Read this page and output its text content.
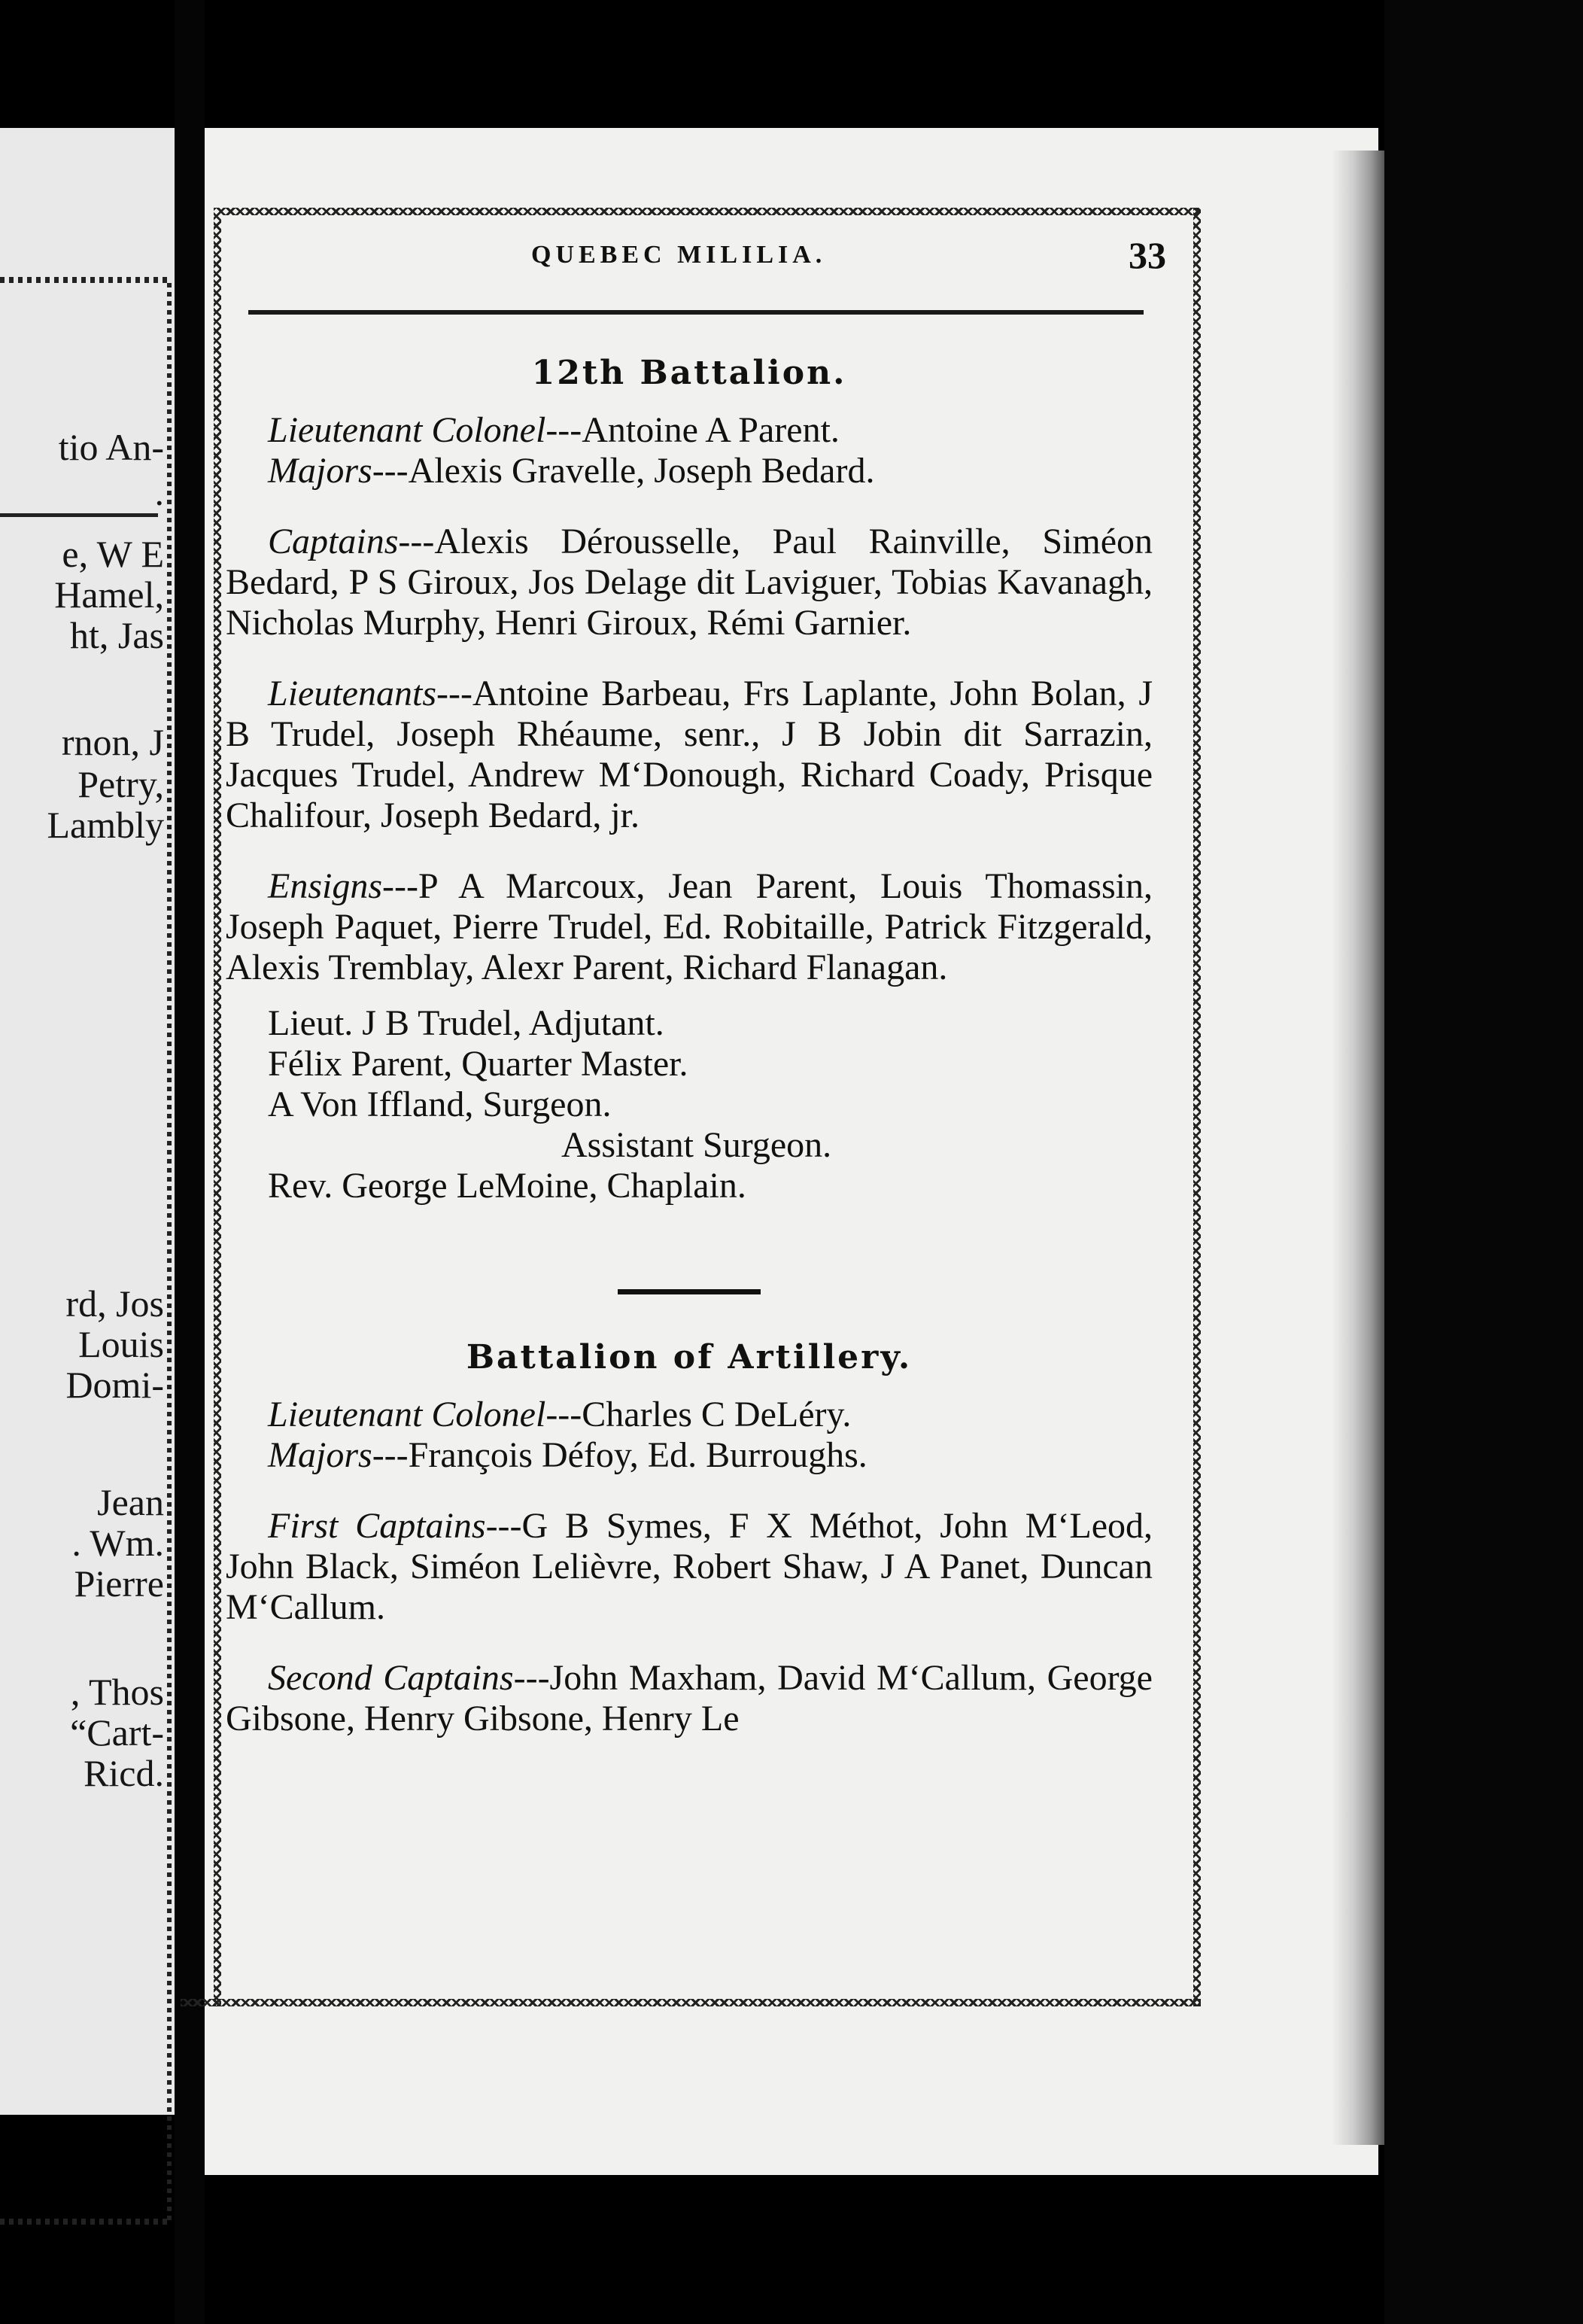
tio An-
.
e, W E
Hamel,
ht, Jas
rnon, J
Petry,
Lambly
rd, Jos
Louis
Domi-
Jean
. Wm.
Pierre
, Thos
“Cart-
Ricd.
QUEBEC MILILIA.	33
12th Battalion.

Lieutenant Colonel---Antoine A Parent.

Majors---Alexis Gravelle, Joseph Bedard.

Captains---Alexis Dérousselle, Paul Rainville, Siméon Bedard, P S Giroux, Jos Delage dit Laviguer, Tobias Kavanagh, Nicholas Murphy, Henri Giroux, Rémi Garnier.

Lieutenants---Antoine Barbeau, Frs Laplante, John Bolan, J B Trudel, Joseph Rhéaume, senr., J B Jobin dit Sarrazin, Jacques Trudel, Andrew M‘Donough, Richard Coady, Prisque Chalifour, Joseph Bedard, jr.

Ensigns---P A Marcoux, Jean Parent, Louis Thomassin, Joseph Paquet, Pierre Trudel, Ed. Robitaille, Patrick Fitzgerald, Alexis Tremblay, Alexr Parent, Richard Flanagan.

Lieut. J B Trudel, Adjutant.
Félix Parent, Quarter Master.
A Von Iffland, Surgeon.
Assistant Surgeon.
Rev. George LeMoine, Chaplain.
Battalion of Artillery.

Lieutenant Colonel---Charles C DeLéry.

Majors---François Défoy, Ed. Burroughs.

First Captains---G B Symes, F X Méthot, John M‘Leod, John Black, Siméon Lelièvre, Robert Shaw, J A Panet, Duncan M‘Callum.

Second Captains---John Maxham, David M‘Callum, George Gibsone, Henry Gibsone, Henry Le
